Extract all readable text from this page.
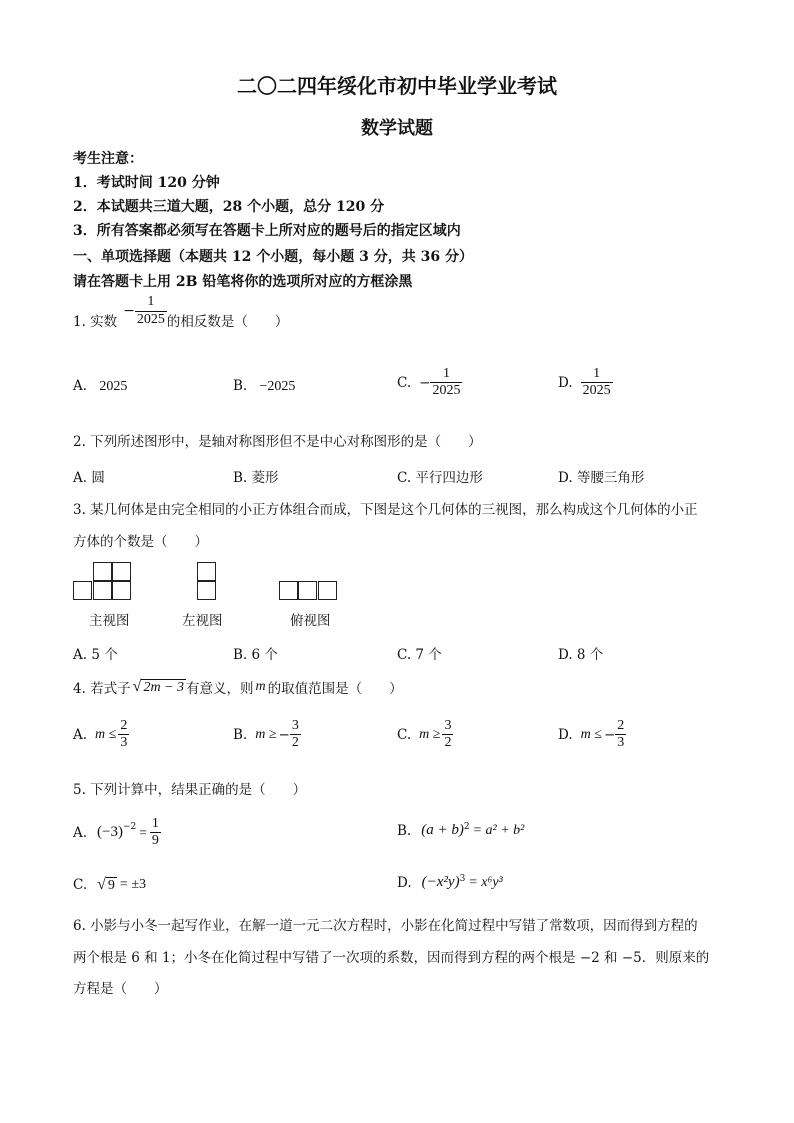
二〇二四年绥化市初中毕业学业考试
数学试题
考生注意：
1．考试时间 120 分钟
2．本试题共三道大题，28 个小题，总分 120 分
3．所有答案都必须写在答题卡上所对应的题号后的指定区域内
一、单项选择题（本题共 12 个小题，每小题 3 分，共 36 分）
请在答题卡上用 2B 铅笔将你的选项所对应的方框涂黑
1. 实数
− $\frac{1}{2025}$ 的相反数是（　　）
A. 2025	B. −2025	C. − $\frac{1}{2025}$	D. $\frac{1}{2025}$
2. 下列所述图形中，是轴对称图形但不是中心对称图形的是（　　）
A. 圆	B. 菱形	C. 平行四边形	D. 等腰三角形
3. 某几何体是由完全相同的小正方体组合而成，下图是这个几何体的三视图，那么构成这个几何体的小正
方体的个数是（　　）
主视图	左视图	俯视图
A. 5 个	B. 6 个	C. 7 个	D. 8 个
4. 若式子 √ 2m − 3 有意义，则 m 的取值范围是（　　）
A. $m \le \frac{2}{3}$	B. m ≥ − $\frac{3}{2}$	C. $m \ge \frac{3}{2}$	D. m ≤ − $\frac{2}{3}$
5. 下列计算中，结果正确的是（　　）
A. $(-3)^{-2} = \frac{1}{9}$	B. $(a + b)^2 = a^2 + b^2$
C. √ 9 = ±3	D. $(-x^2y)^3 = x^6y^3$
6. 小影与小冬一起写作业，在解一道一元二次方程时，小影在化简过程中写错了常数项，因而得到方程的
两个根是 6 和 1；小冬在化简过程中写错了一次项的系数，因而得到方程的两个根是 −2 和 −5．则原来的
方程是（　　）
